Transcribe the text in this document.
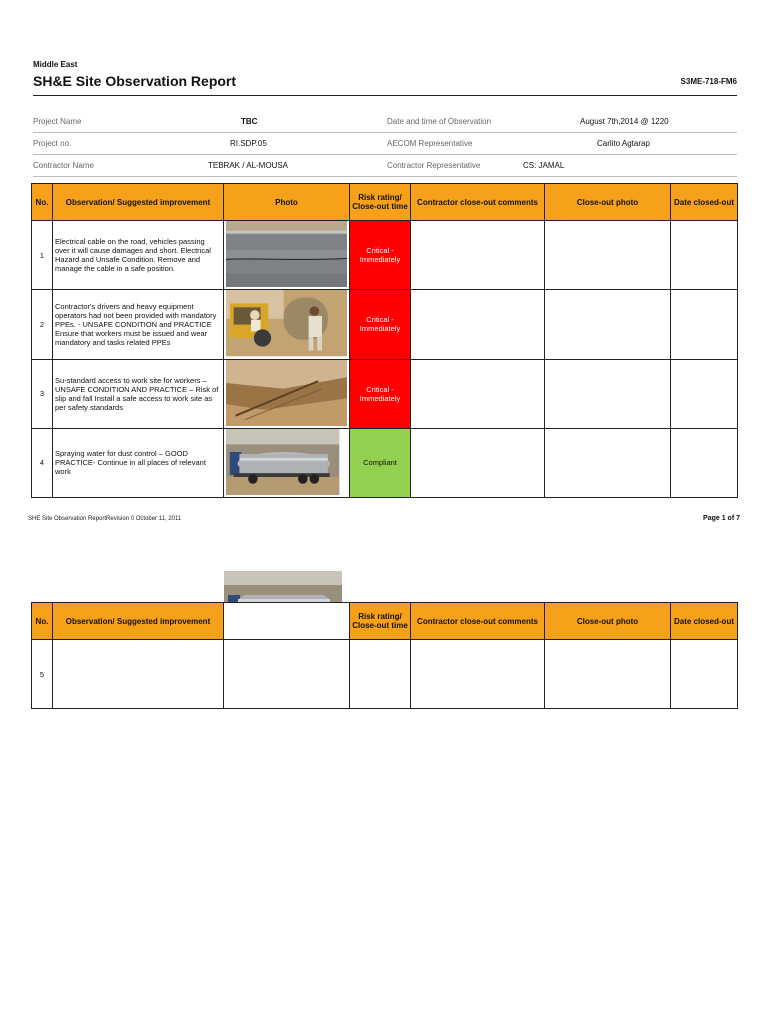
Middle East
SH&E Site Observation Report	S3ME-718-FM6
Project Name	TBC	Date and time of Observation	August 7th,2014 @ 1220
Project no.	RI.SDP.05	AECOM Representative	Carlito Agtarap
Contractor Name	TEBRAK / AL-MOUSA	Contractor Representative	CS: JAMAL
No.	Observation/ Suggested improvement	Photo	Risk rating/ Close-out time	Contractor close-out comments	Close-out photo	Date closed-out
1	Electrical cable on the road, vehicles passing over it will cause damages and short. Electrical Hazard and Unsafe Condition. Remove and manage the cable in a safe position.		Critical - Immediately			
2	Contractor's drivers and heavy equipment operators had not been provided with mandatory PPEs. - UNSAFE CONDITION and PRACTICE Ensure that workers must be issued and wear mandatory and tasks related PPEs		Critical - Immediately			
3	Su-standard access to work site for workers – UNSAFE CONDITION AND PRACTICE – Risk of slip and fall Install a safe access to work site as per safety standards		Critical - Immediately			
4	Spraying water for dust control – GOOD PRACTICE- Continue in all places of relevant work		Compliant			
SHE Site Observation ReportRevision 0 October 11, 2011	Page 1 of 7
No.	Observation/ Suggested improvement		Risk rating/ Close-out time	Contractor close-out comments	Close-out photo	Date closed-out
5						
